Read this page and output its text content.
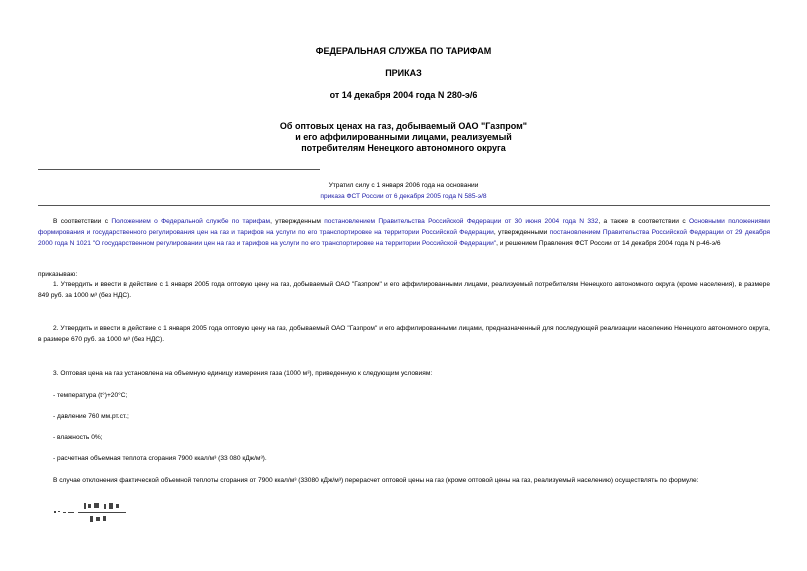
ФЕДЕРАЛЬНАЯ СЛУЖБА ПО ТАРИФАМ
ПРИКАЗ
от 14 декабря 2004 года N 280-э/6
Об оптовых ценах на газ, добываемый ОАО "Газпром"
и его аффилированными лицами, реализуемый
потребителям Ненецкого автономного округа
Утратил силу с 1 января 2006 года на основании
приказа ФСТ России от 6 декабря 2005 года N 585-э/8
В соответствии с Положением о Федеральной службе по тарифам, утвержденным постановлением Правительства Российской Федерации от 30 июня 2004 года N 332, а также в соответствии с Основными положениями формирования и государственного регулирования цен на газ и тарифов на услуги по его транспортировке на территории Российской Федерации, утвержденными постановлением Правительства Российской Федерации от 29 декабря 2000 года N 1021 "О государственном регулировании цен на газ и тарифов на услуги по его транспортировке на территории Российской Федерации", и решением Правления ФСТ России от 14 декабря 2004 года N р-46-э/6
приказываю:
1. Утвердить и ввести в действие с 1 января 2005 года оптовую цену на газ, добываемый ОАО "Газпром" и его аффилированными лицами, реализуемый потребителям Ненецкого автономного округа (кроме населения), в размере 849 руб. за 1000 м³ (без НДС).
2. Утвердить и ввести в действие с 1 января 2005 года оптовую цену на газ, добываемый ОАО "Газпром" и его аффилированными лицами, предназначенный для последующей реализации населению Ненецкого автономного округа, в размере 670 руб. за 1000 м³ (без НДС).
3. Оптовая цена на газ установлена на объемную единицу измерения газа (1000 м³), приведенную к следующим условиям:
- температура (t°)+20°С;
- давление 760 мм.рт.ст.;
- влажность 0%;
- расчетная объемная теплота сгорания 7900 ккал/м³ (33 080 кДж/м³).
В случае отклонения фактической объемной теплоты сгорания от 7900 ккал/м³ (33080 кДж/м³) перерасчет оптовой цены на газ (кроме оптовой цены на газ, реализуемый населению) осуществлять по формуле:
